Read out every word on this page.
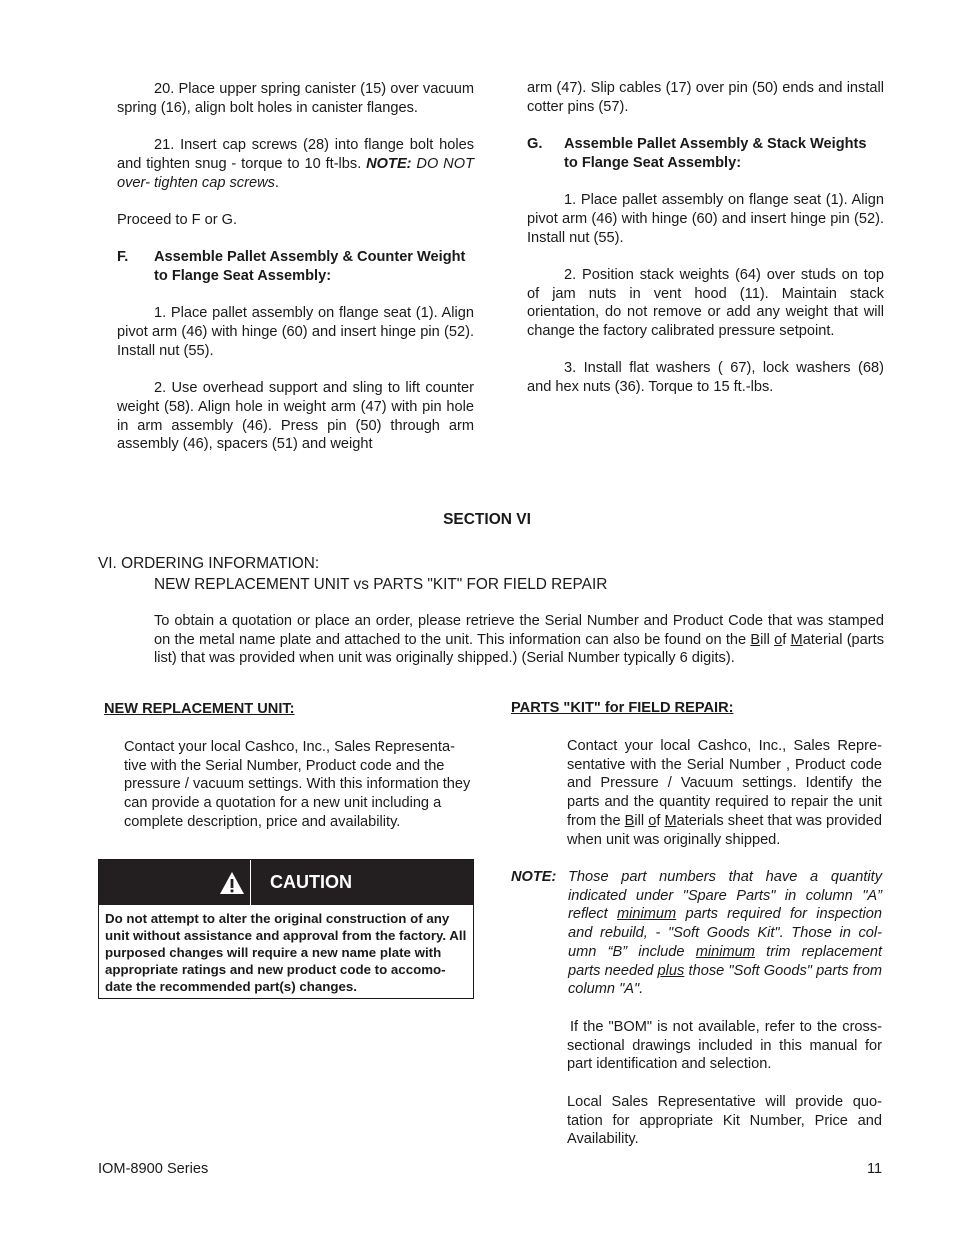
20. Place upper spring canister (15) over vacuum spring (16), align bolt holes in canister flanges.

21. Insert cap screws (28) into flange bolt holes and tighten snug - torque to 10 ft-lbs. NOTE: DO NOT over- tighten cap screws.

Proceed to F or G.

F.	Assemble Pallet Assembly & Counter Weight to Flange Seat Assembly:

1. Place pallet assembly on flange seat (1). Align pivot arm (46) with hinge (60) and insert hinge pin (52). Install nut (55).

2. Use overhead support and sling to lift counter weight (58). Align hole in weight arm (47) with pin hole in arm assembly (46). Press pin (50) through arm assembly (46), spacers (51) and weight

arm (47). Slip cables (17) over pin (50) ends and install cotter pins (57).

G.	Assemble Pallet Assembly & Stack Weights to Flange Seat Assembly:

1. Place pallet assembly on flange seat (1). Align pivot arm (46) with hinge (60) and insert hinge pin (52). Install nut (55).

2. Position stack weights (64) over studs on top of jam nuts in vent hood (11). Maintain stack orientation, do not remove or add any weight that will change the factory calibrated pressure setpoint.

3. Install flat washers ( 67), lock washers (68) and hex nuts (36). Torque to 15 ft.-lbs.

SECTION VI
VI. ORDERING INFORMATION:
NEW REPLACEMENT UNIT vs PARTS "KIT" FOR FIELD REPAIR

To obtain a quotation or place an order, please retrieve the Serial Number and Product Code that was stamped on the metal name plate and attached to the unit. This information can also be found on the Bill of Material (parts list) that was provided when unit was originally shipped.) (Serial Number typically 6 digits).

NEW REPLACEMENT UNIT:

Contact your local Cashco, Inc., Sales Representa- tive with the Serial Number, Product code and the pressure / vacuum settings. With this information they can provide a quotation for a new unit including a complete description, price and availability.

CAUTION

Do not attempt to alter the original construction of any unit without assistance and approval from the factory. All purposed changes will require a new name plate with appropriate ratings and new product code to accomo- date the recommended part(s) changes.

PARTS "KIT" for FIELD REPAIR:

Contact your local Cashco, Inc., Sales Repre- sentative with the Serial Number , Product code and Pressure / Vacuum settings. Identify the parts and the quantity required to repair the unit from the Bill of Materials sheet that was provided when unit was originally shipped.

NOTE: Those part numbers that have a quantity indicated under "Spare Parts" in column "A” reflect minimum parts required for inspection and rebuild, - "Soft Goods Kit". Those in col- umn “B” include minimum trim replacement parts needed plus those "Soft Goods" parts from column "A".

If the "BOM" is not available, refer to the cross- sectional drawings included in this manual for part identification and selection.

Local Sales Representative will provide quo- tation for appropriate Kit Number, Price and Availability.

IOM-8900 Series	11
